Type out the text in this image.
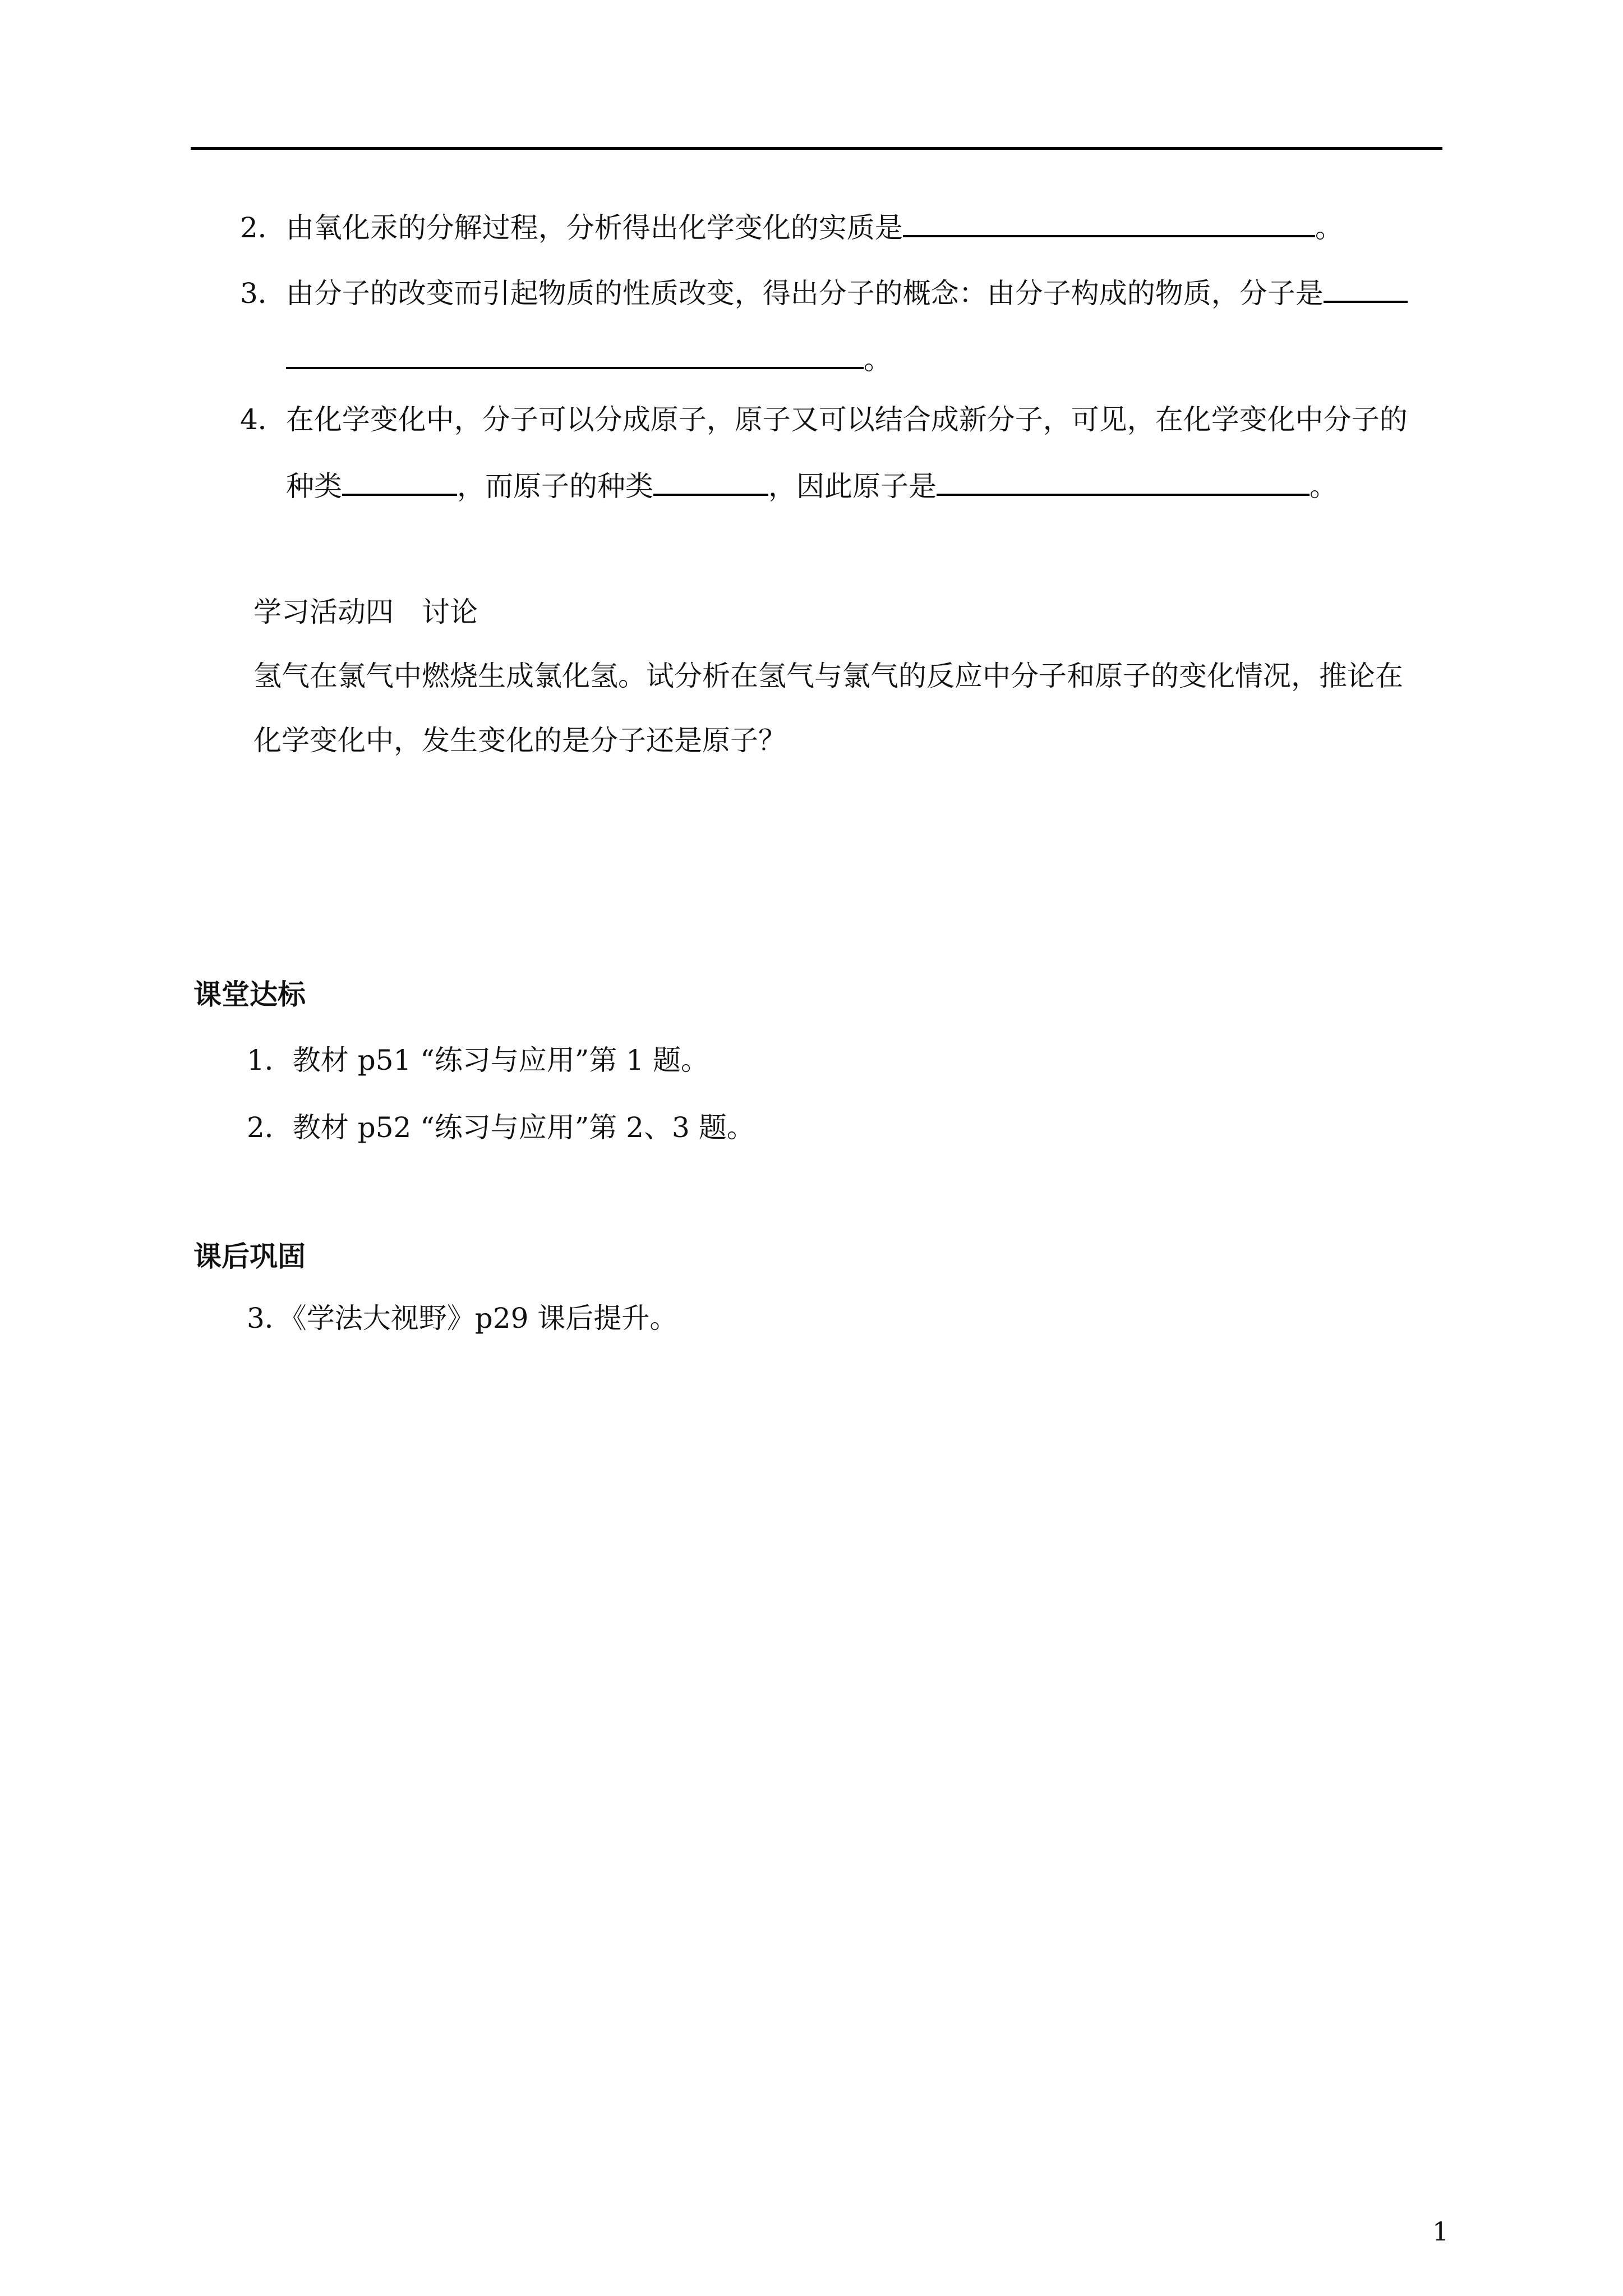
2．由氧化汞的分解过程，分析得出化学变化的实质是	。
3．由分子的改变而引起物质的性质改变，得出分子的概念：由分子构成的物质，分子是
。
4．在化学变化中，分子可以分成原子，原子又可以结合成新分子，可见，在化学变化中分子的
种类	，而原子的种类	，因此原子是	。
学习活动四　讨论
氢气在氯气中燃烧生成氯化氢。试分析在氢气与氯气的反应中分子和原子的变化情况，推论在
化学变化中，发生变化的是分子还是原子？
课堂达标
1．教材 p51 “练习与应用”第 1 题。
2．教材 p52 “练习与应用”第 2、3 题。
课后巩固
3．《学法大视野》p29 课后提升。
1
